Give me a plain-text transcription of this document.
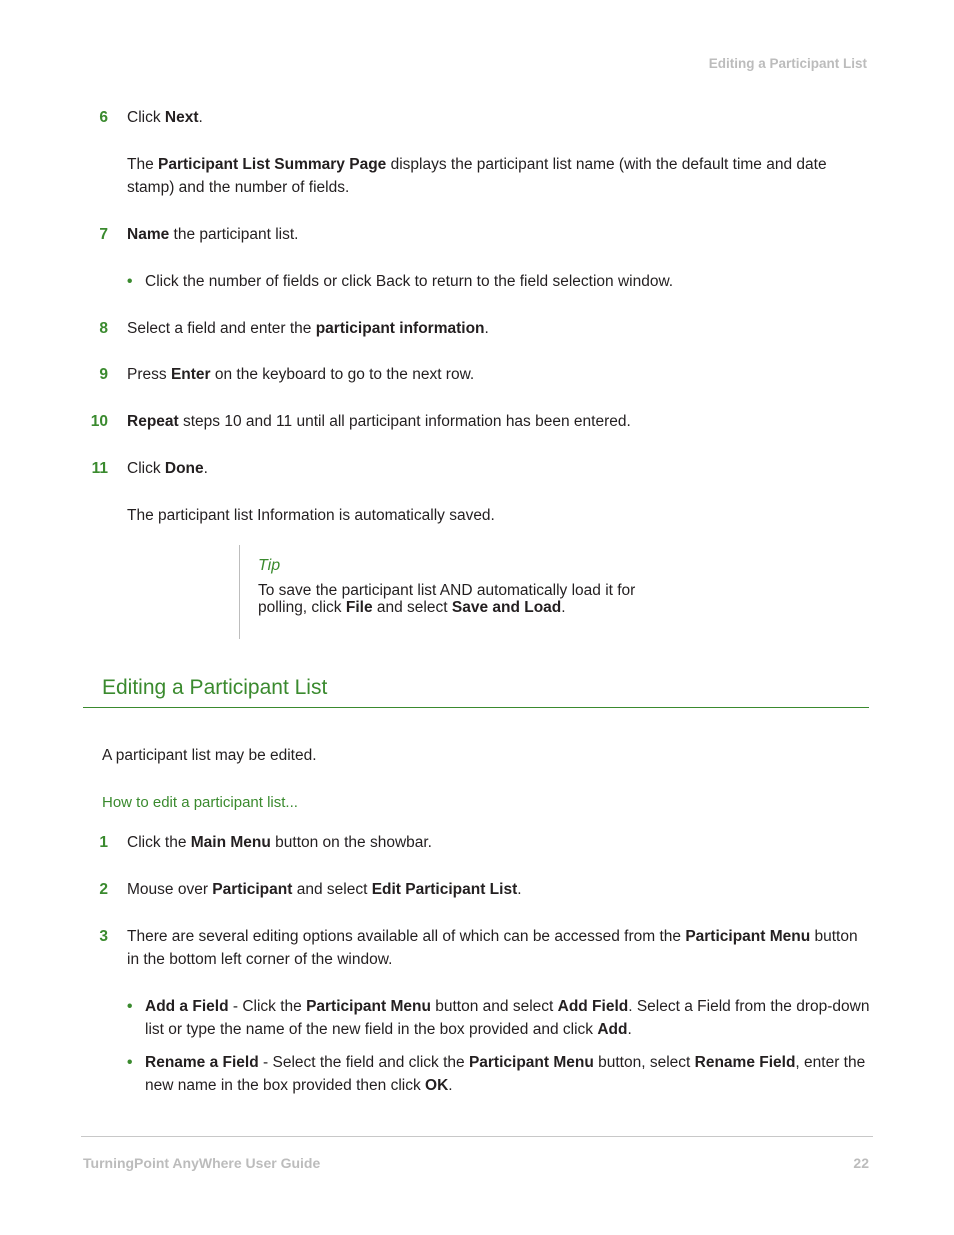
Editing a Participant List
6 Click Next.
The Participant List Summary Page displays the participant list name (with the default time and date stamp) and the number of fields.
7 Name the participant list.
• Click the number of fields or click Back to return to the field selection window.
8 Select a field and enter the participant information.
9 Press Enter on the keyboard to go to the next row.
10 Repeat steps 10 and 11 until all participant information has been entered.
11 Click Done.
The participant list Information is automatically saved.
Tip
To save the participant list AND automatically load it for polling, click File and select Save and Load.
Editing a Participant List
A participant list may be edited.
How to edit a participant list...
1 Click the Main Menu button on the showbar.
2 Mouse over Participant and select Edit Participant List.
3 There are several editing options available all of which can be accessed from the Participant Menu button in the bottom left corner of the window.
• Add a Field - Click the Participant Menu button and select Add Field. Select a Field from the drop-down list or type the name of the new field in the box provided and click Add.
• Rename a Field - Select the field and click the Participant Menu button, select Rename Field, enter the new name in the box provided then click OK.
TurningPoint AnyWhere User Guide	22
